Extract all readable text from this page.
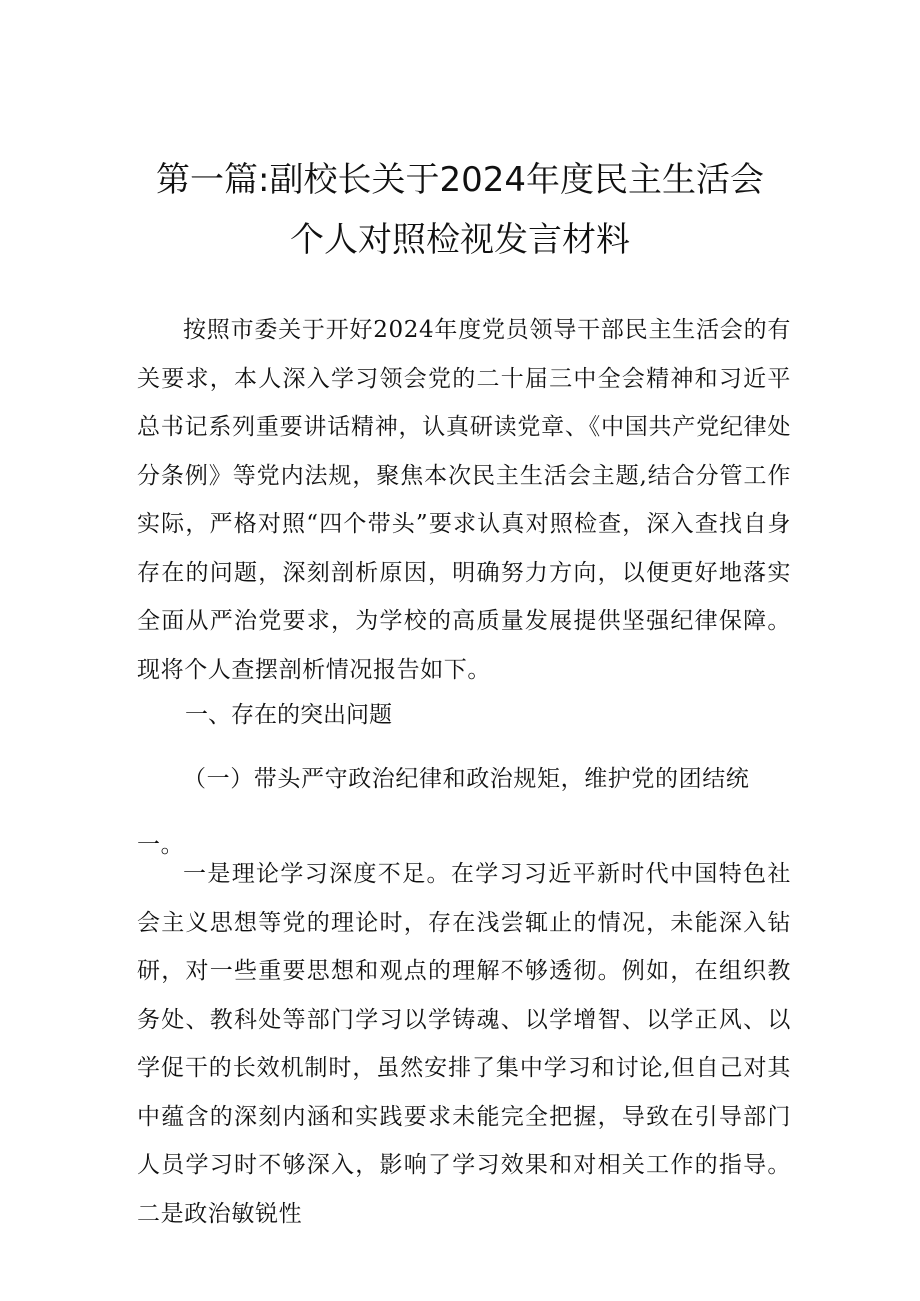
第一篇:副校长关于2024年度民主生活会
个人对照检视发言材料
按照市委关于开好2024年度党员领导干部民主生活会的有关要求，本人深入学习领会党的二十届三中全会精神和习近平总书记系列重要讲话精神，认真研读党章、《中国共产党纪律处分条例》等党内法规，聚焦本次民主生活会主题,结合分管工作实际，严格对照“四个带头”要求认真对照检查，深入查找自身存在的问题，深刻剖析原因，明确努力方向，以便更好地落实全面从严治党要求，为学校的高质量发展提供坚强纪律保障。现将个人查摆剖析情况报告如下。
一、存在的突出问题
（一）带头严守政治纪律和政治规矩，维护党的团结统一。
一是理论学习深度不足。在学习习近平新时代中国特色社会主义思想等党的理论时，存在浅尝辄止的情况，未能深入钻研，对一些重要思想和观点的理解不够透彻。例如，在组织教务处、教科处等部门学习以学铸魂、以学增智、以学正风、以学促干的长效机制时，虽然安排了集中学习和讨论,但自己对其中蕴含的深刻内涵和实践要求未能完全把握，导致在引导部门人员学习时不够深入，影响了学习效果和对相关工作的指导。二是政治敏锐性
